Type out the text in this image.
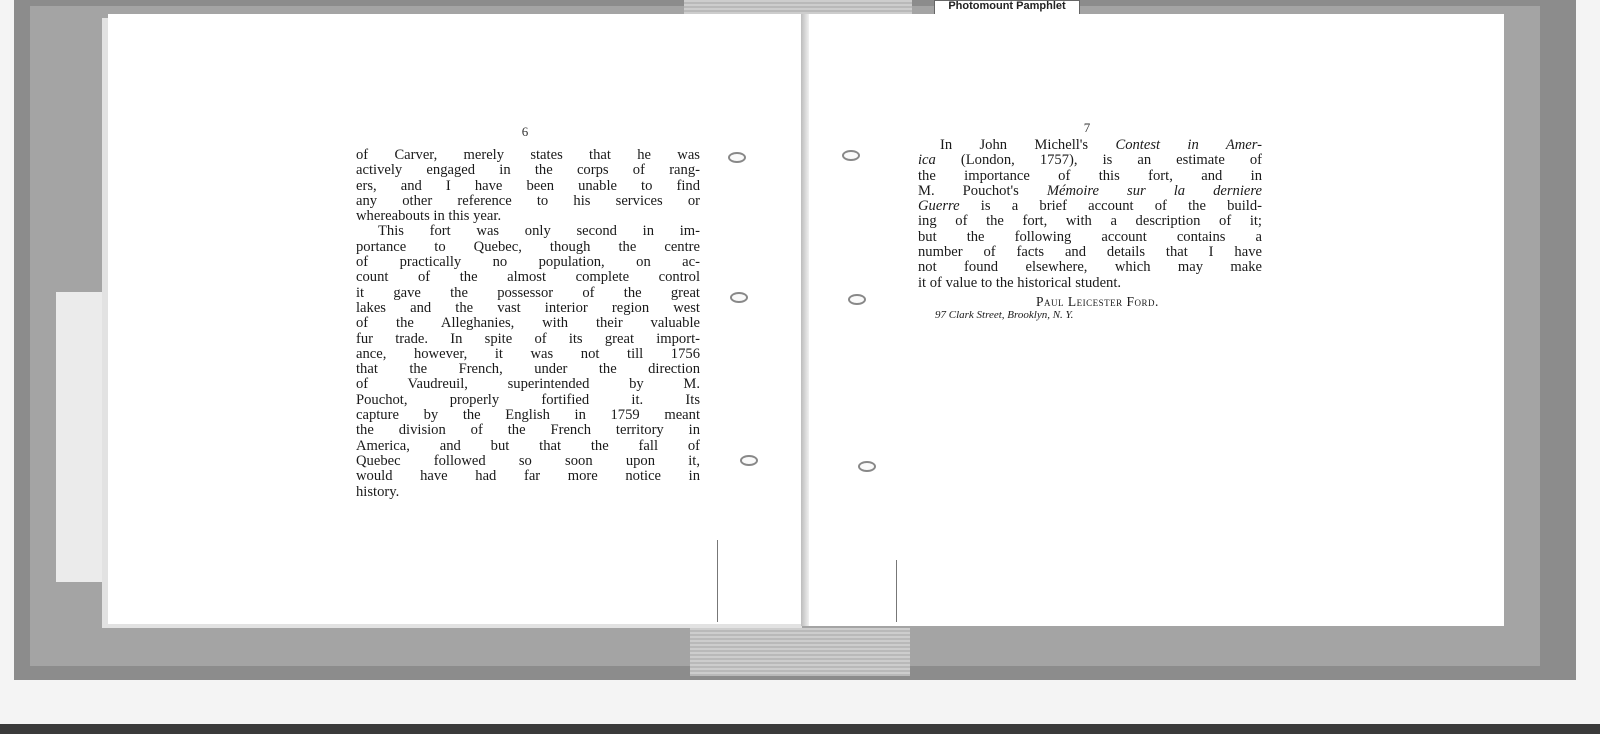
Photomount Pamphlet
6
of Carver, merely states that he was
actively engaged in the corps of rang-
ers, and I have been unable to find
any other reference to his services or
whereabouts in this year.
This fort was only second in im-
portance to Quebec, though the centre
of practically no population, on ac-
count of the almost complete control
it gave the possessor of the great
lakes and the vast interior region west
of the Alleghanies, with their valuable
fur trade. In spite of its great import-
ance, however, it was not till 1756
that the French, under the direction
of Vaudreuil, superintended by M.
Pouchot, properly fortified it. Its
capture by the English in 1759 meant
the division of the French territory in
America, and but that the fall of
Quebec followed so soon upon it,
would have had far more notice in
history.
7
In John Michell's Contest in Amer-
ica (London, 1757), is an estimate of
the importance of this fort, and in
M. Pouchot's Mémoire sur la derniere
Guerre is a brief account of the build-
ing of the fort, with a description of it;
but the following account contains a
number of facts and details that I have
not found elsewhere, which may make
it of value to the historical student.
Paul Leicester Ford.
97 Clark Street, Brooklyn, N. Y.
